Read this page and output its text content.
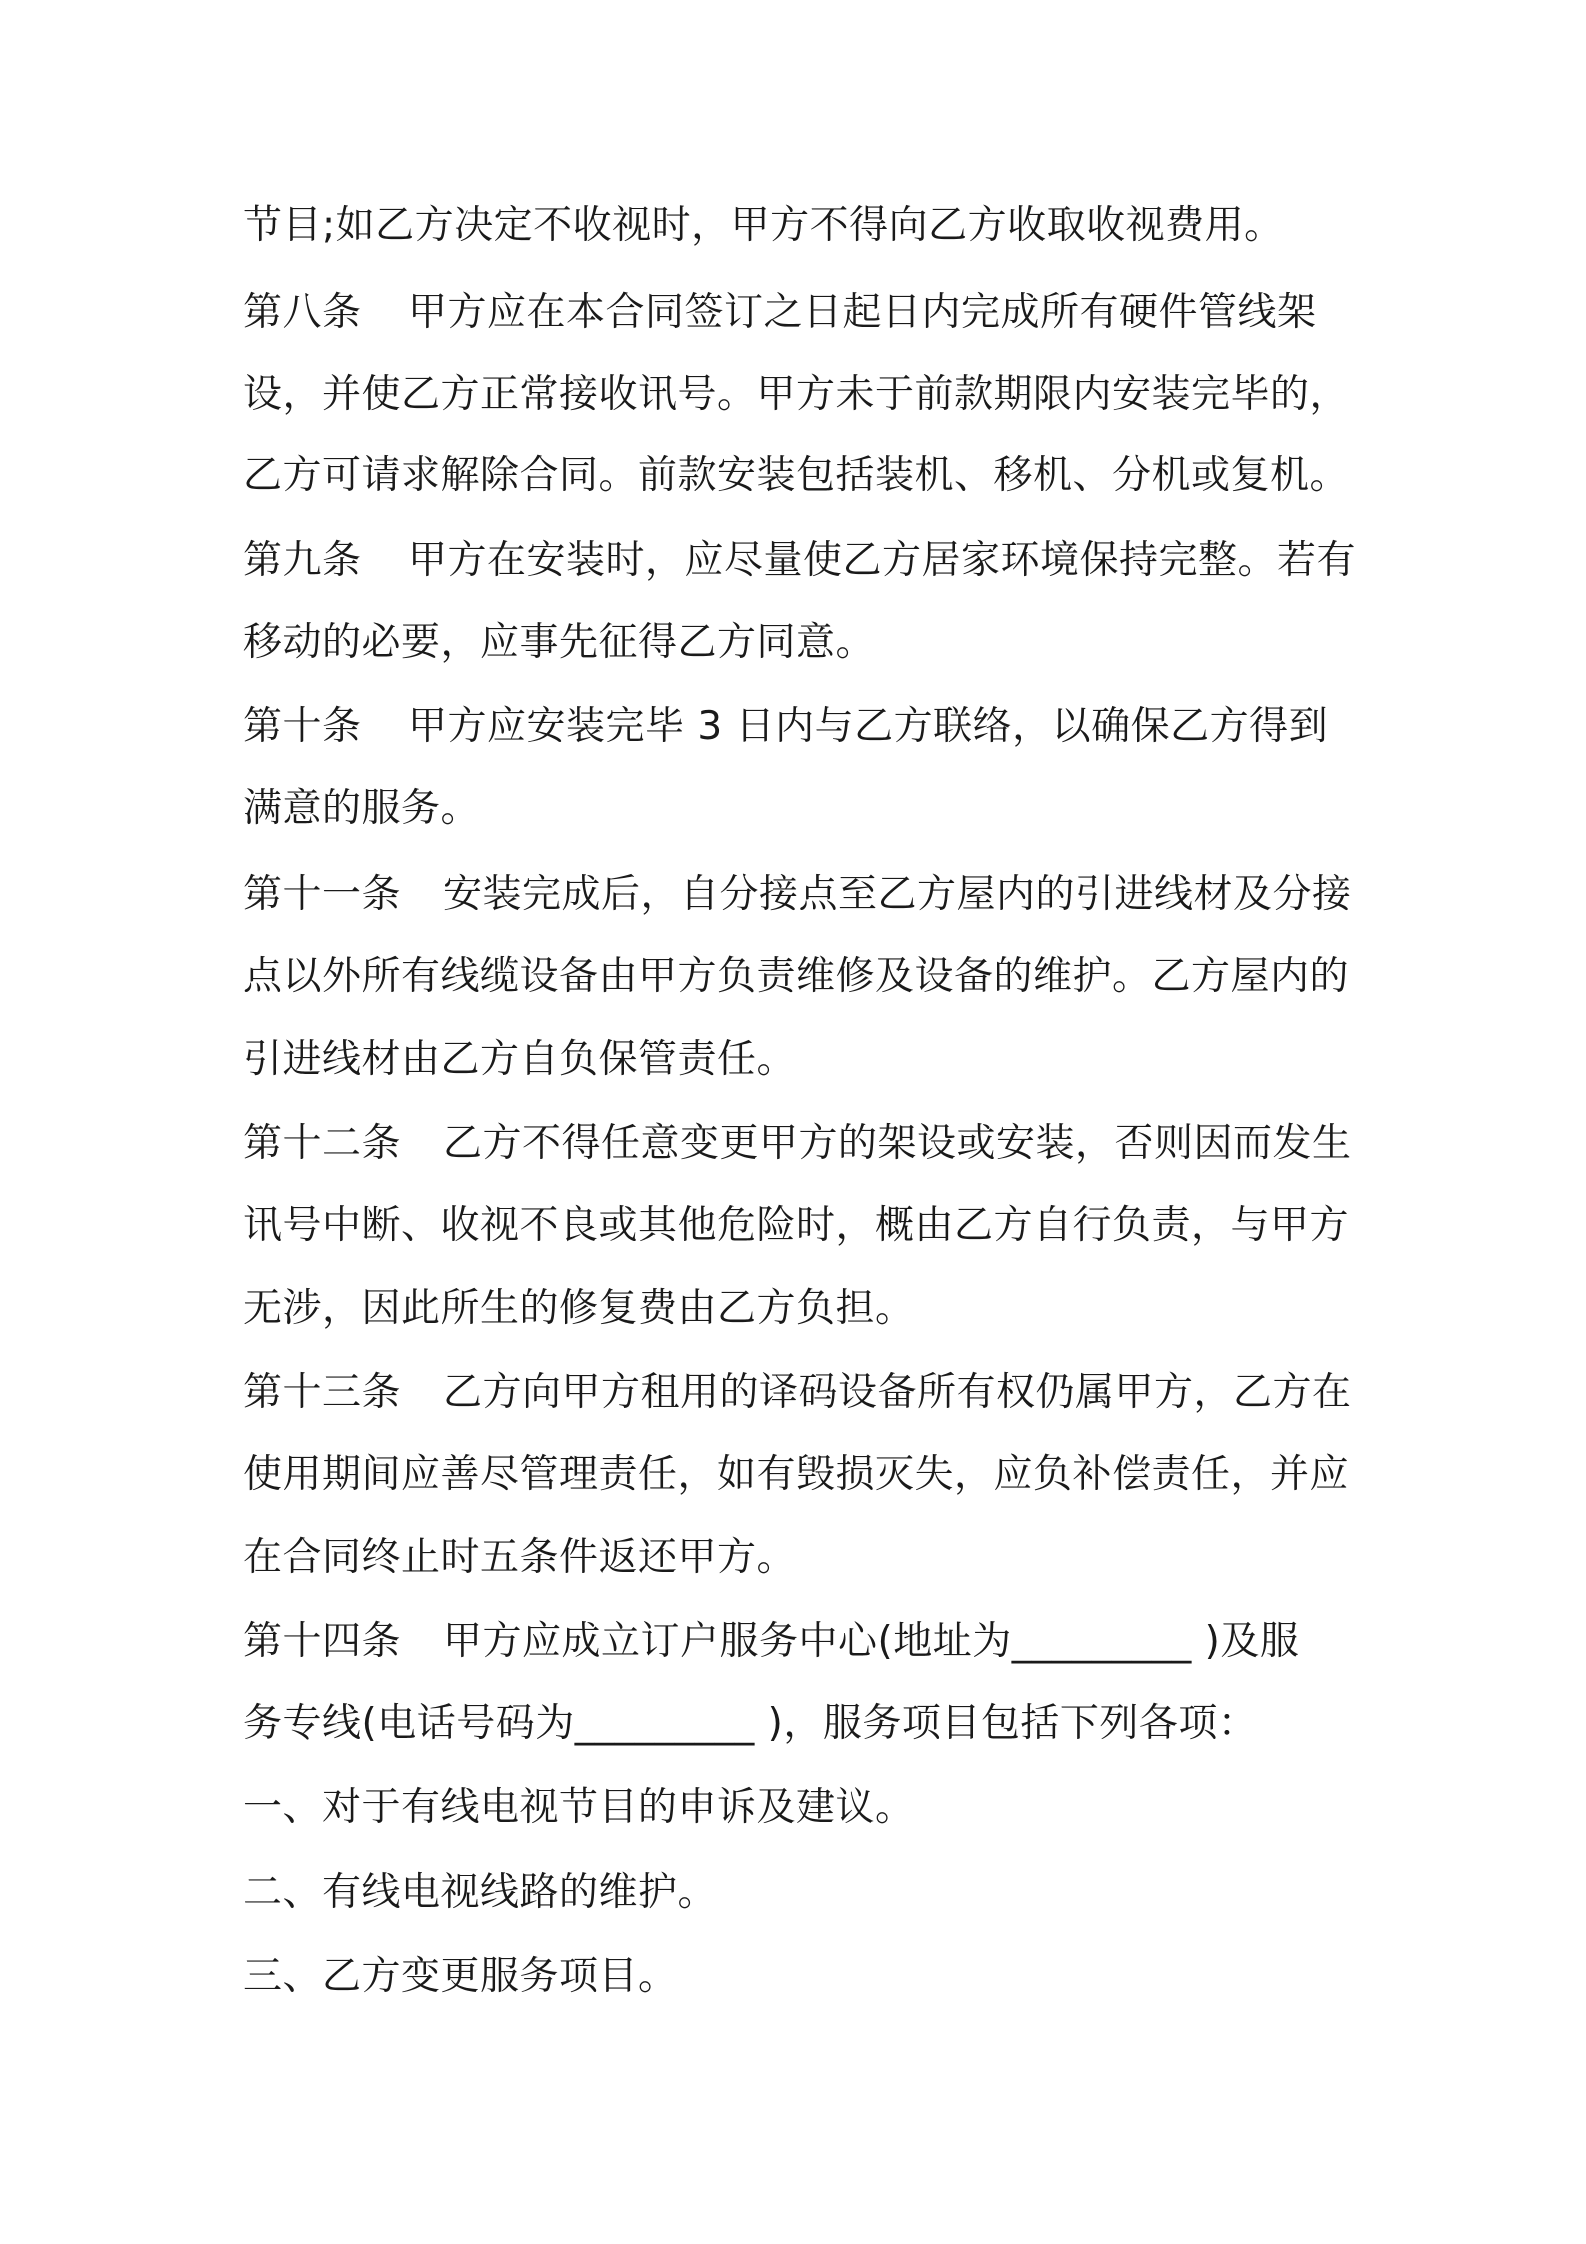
节目;如乙方决定不收视时，甲方不得向乙方收取收视费用。
第八条 甲方应在本合同签订之日起日内完成所有硬件管线架
设，并使乙方正常接收讯号。甲方未于前款期限内安装完毕的，
乙方可请求解除合同。前款安装包括装机、移机、分机或复机。
第九条 甲方在安装时，应尽量使乙方居家环境保持完整。若有
移动的必要，应事先征得乙方同意。
第十条 甲方应安装完毕 3 日内与乙方联络，以确保乙方得到
满意的服务。
第十一条 安装完成后，自分接点至乙方屋内的引进线材及分接
点以外所有线缆设备由甲方负责维修及设备的维护。乙方屋内的
引进线材由乙方自负保管责任。
第十二条 乙方不得任意变更甲方的架设或安装，否则因而发生
讯号中断、收视不良或其他危险时，概由乙方自行负责，与甲方
无涉，因此所生的修复费由乙方负担。
第十三条 乙方向甲方租用的译码设备所有权仍属甲方，乙方在
使用期间应善尽管理责任，如有毁损灭失，应负补偿责任，并应
在合同终止时五条件返还甲方。
第十四条 甲方应成立订户服务中心(地址为_________ )及服
务专线(电话号码为_________ )，服务项目包括下列各项：
一、对于有线电视节目的申诉及建议。
二、有线电视线路的维护。
三、乙方变更服务项目。
